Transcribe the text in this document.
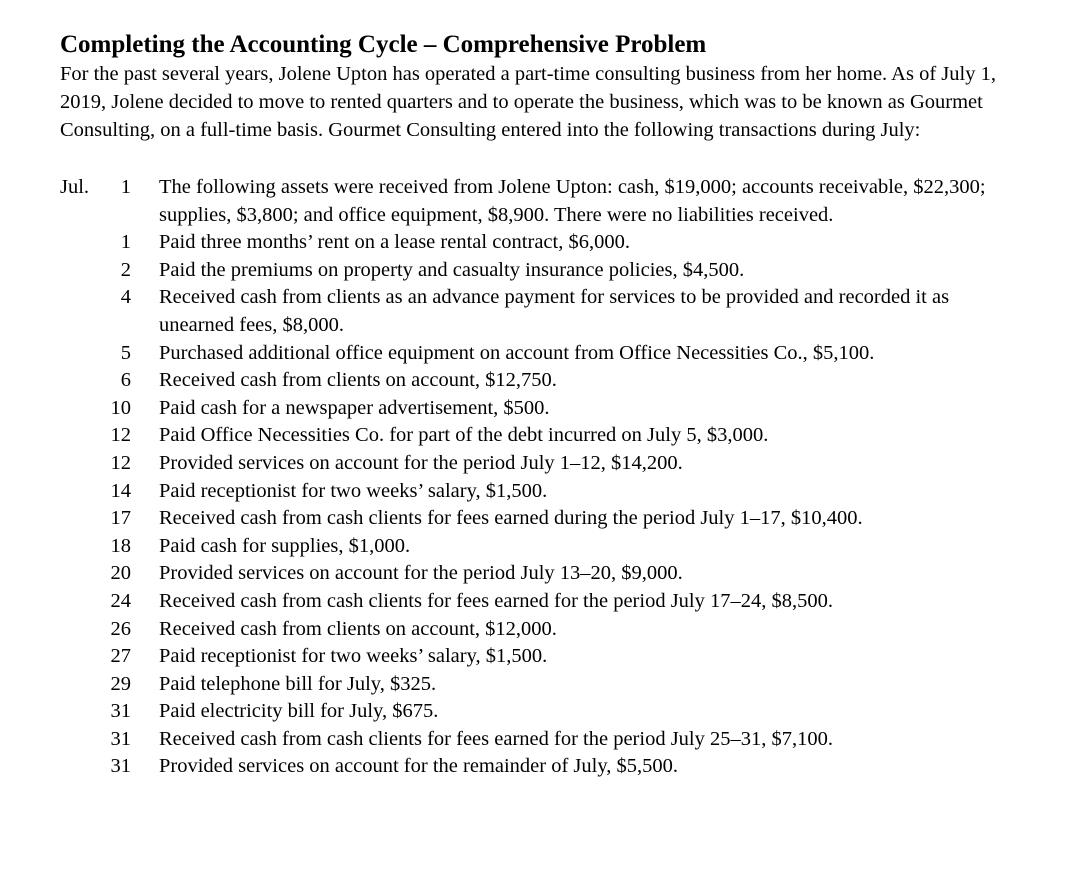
Completing the Accounting Cycle – Comprehensive Problem

For the past several years, Jolene Upton has operated a part-time consulting business from her home. As of July 1, 2019, Jolene decided to move to rented quarters and to operate the business, which was to be known as Gourmet Consulting, on a full-time basis. Gourmet Consulting entered into the following transactions during July:

Jul.	1 The following assets were received from Jolene Upton: cash, $19,000; accounts receivable, $22,300; supplies, $3,800; and office equipment, $8,900. There were no liabilities received.
1 Paid three months’ rent on a lease rental contract, $6,000.
2 Paid the premiums on property and casualty insurance policies, $4,500.
4 Received cash from clients as an advance payment for services to be provided and recorded it as unearned fees, $8,000.
5 Purchased additional office equipment on account from Office Necessities Co., $5,100.
6 Received cash from clients on account, $12,750.
10 Paid cash for a newspaper advertisement, $500.
12 Paid Office Necessities Co. for part of the debt incurred on July 5, $3,000.
12 Provided services on account for the period July 1–12, $14,200.
14 Paid receptionist for two weeks’ salary, $1,500.
17 Received cash from cash clients for fees earned during the period July 1–17, $10,400.
18 Paid cash for supplies, $1,000.
20 Provided services on account for the period July 13–20, $9,000.
24 Received cash from cash clients for fees earned for the period July 17–24, $8,500.
26 Received cash from clients on account, $12,000.
27 Paid receptionist for two weeks’ salary, $1,500.
29 Paid telephone bill for July, $325.
31 Paid electricity bill for July, $675.
31 Received cash from cash clients for fees earned for the period July 25–31, $7,100.
31 Provided services on account for the remainder of July, $5,500.
